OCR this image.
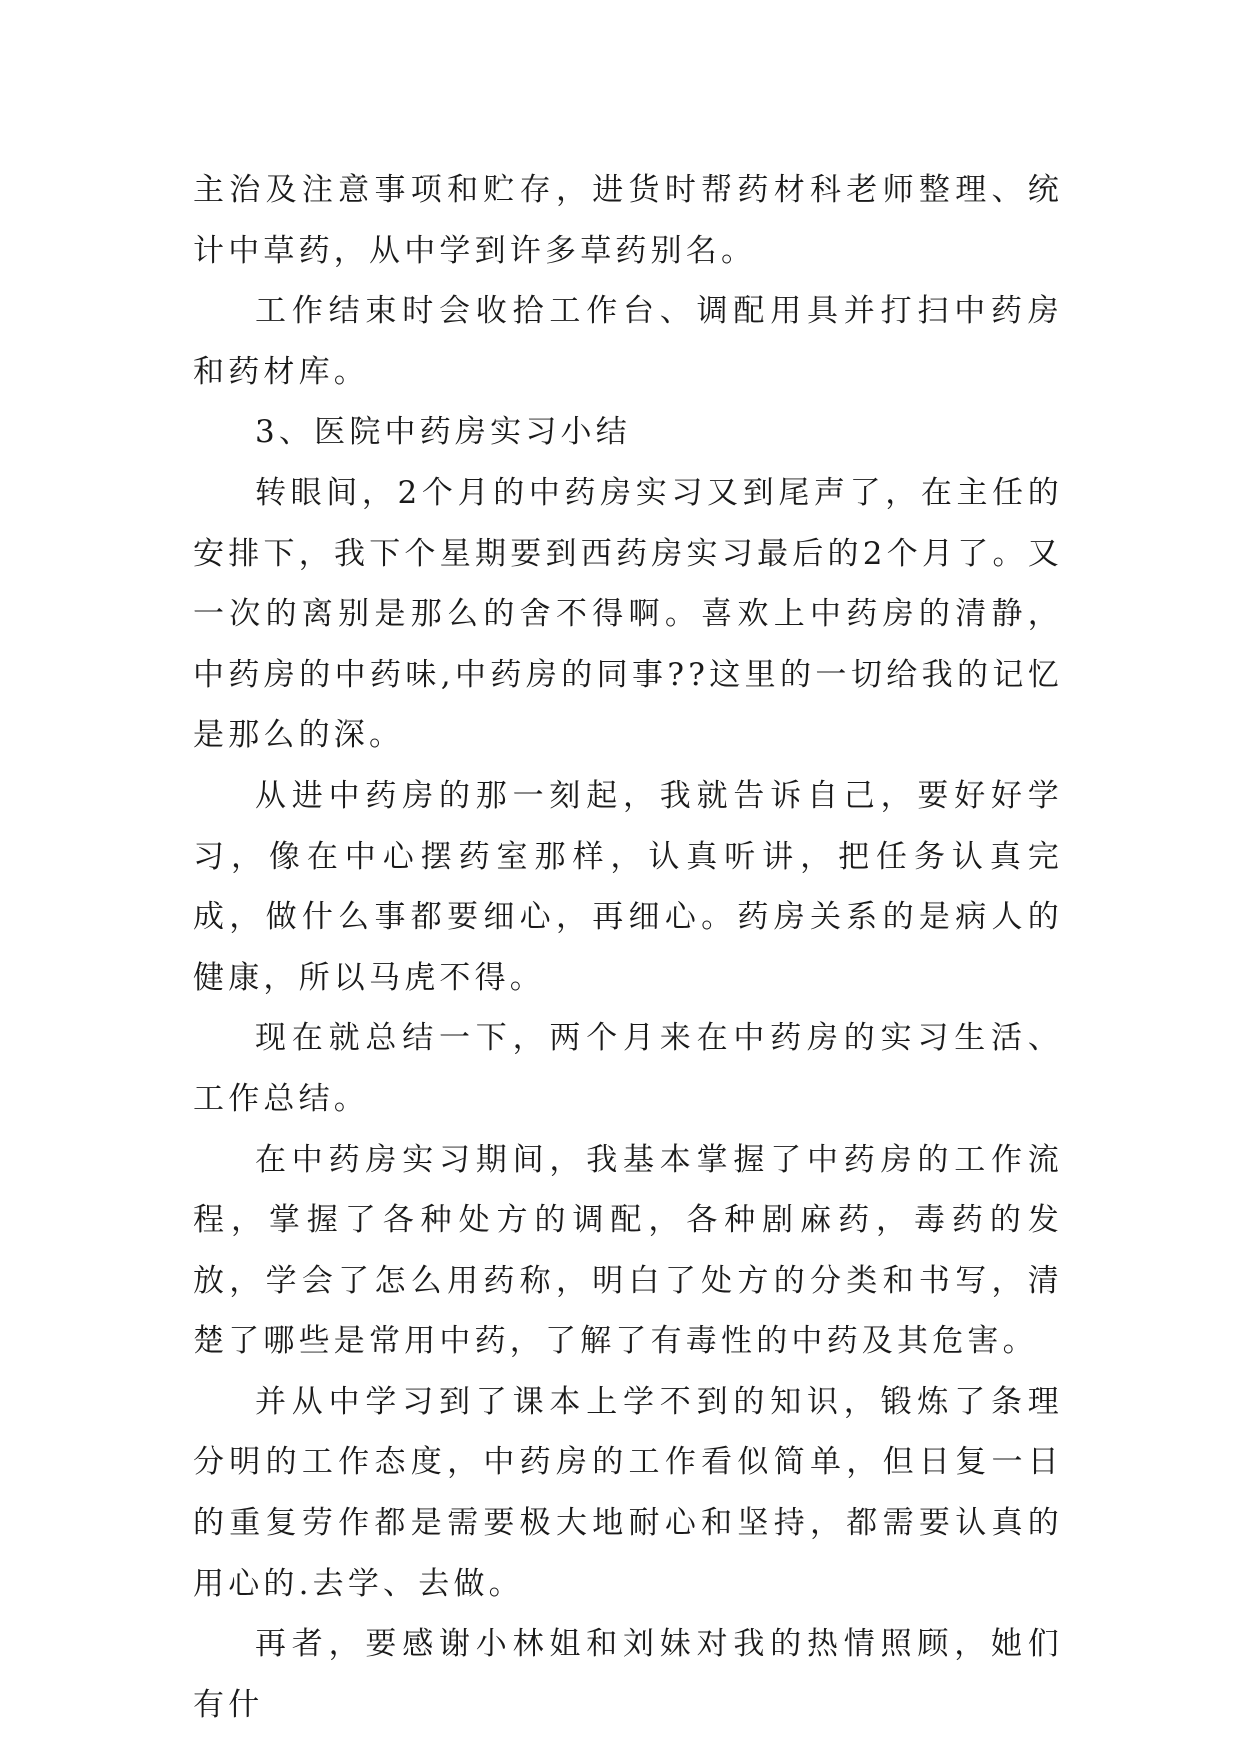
主治及注意事项和贮存，进货时帮药材科老师整理、统计中草药，从中学到许多草药别名。

工作结束时会收拾工作台、调配用具并打扫中药房和药材库。

3、医院中药房实习小结

转眼间，2个月的中药房实习又到尾声了，在主任的安排下，我下个星期要到西药房实习最后的2个月了。又一次的离别是那么的舍不得啊。喜欢上中药房的清静，中药房的中药味,中药房的同事??这里的一切给我的记忆是那么的深。

从进中药房的那一刻起，我就告诉自己，要好好学习，像在中心摆药室那样，认真听讲，把任务认真完成，做什么事都要细心，再细心。药房关系的是病人的健康，所以马虎不得。

现在就总结一下，两个月来在中药房的实习生活、工作总结。

在中药房实习期间，我基本掌握了中药房的工作流程，掌握了各种处方的调配，各种剧麻药，毒药的发放，学会了怎么用药称，明白了处方的分类和书写，清楚了哪些是常用中药，了解了有毒性的中药及其危害。

并从中学习到了课本上学不到的知识，锻炼了条理分明的工作态度，中药房的工作看似简单，但日复一日的重复劳作都是需要极大地耐心和坚持，都需要认真的用心的.去学、去做。

再者，要感谢小林姐和刘妹对我的热情照顾，她们有什
